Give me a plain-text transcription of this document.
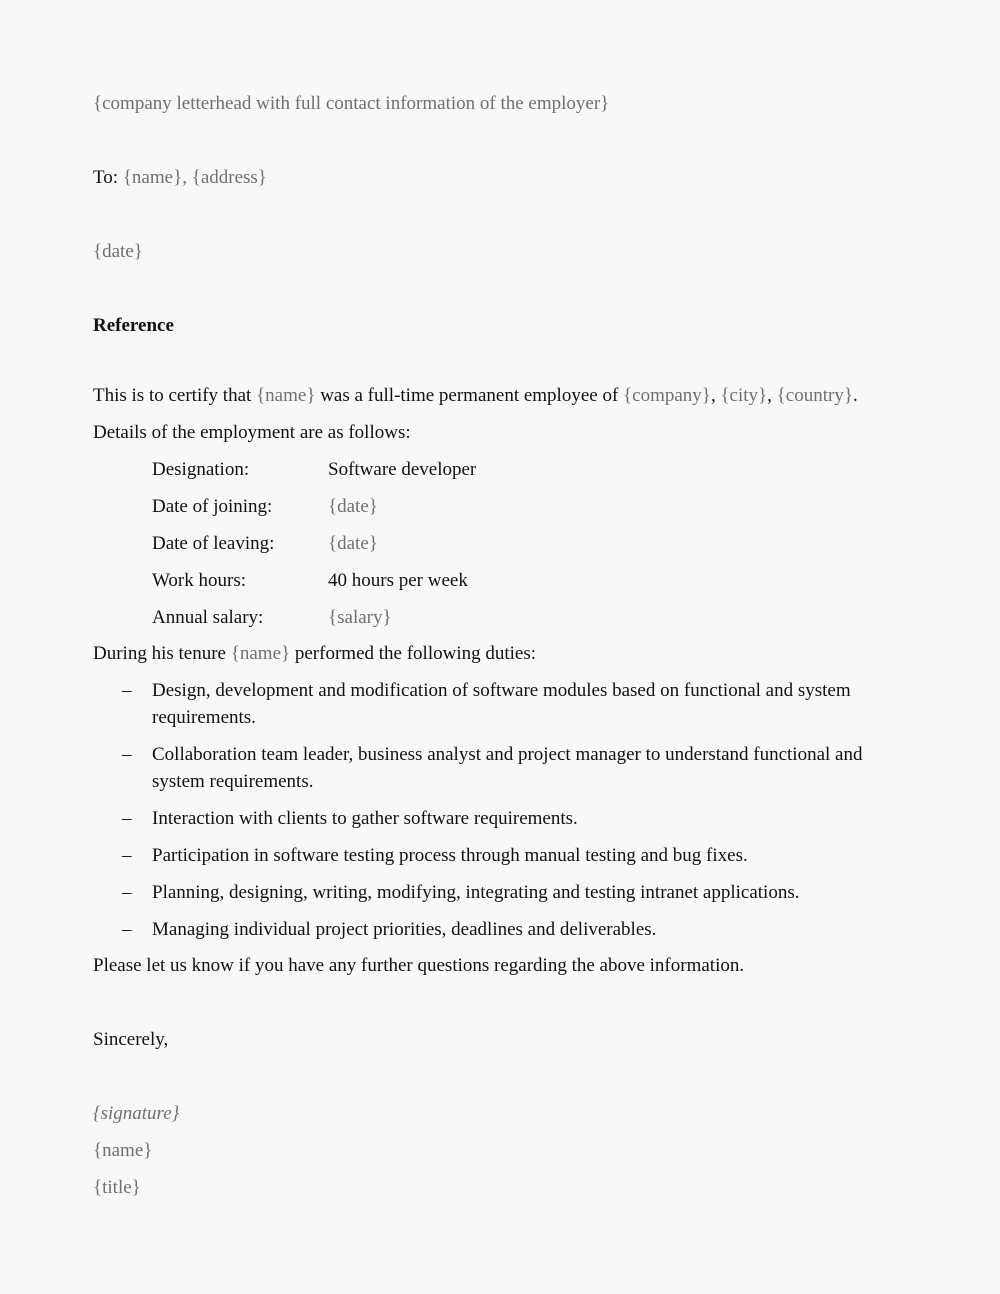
{company letterhead with full contact information of the employer}
To: {name}, {address}
{date}
Reference
This is to certify that {name} was a full-time permanent employee of {company}, {city}, {country}.
Details of the employment are as follows:
Designation:	Software developer
Date of joining:	{date}
Date of leaving:	{date}
Work hours:	40 hours per week
Annual salary:	{salary}
During his tenure {name} performed the following duties:
– Design, development and modification of software modules based on functional and system requirements.
– Collaboration team leader, business analyst and project manager to understand functional and system requirements.
– Interaction with clients to gather software requirements.
– Participation in software testing process through manual testing and bug fixes.
– Planning, designing, writing, modifying, integrating and testing intranet applications.
– Managing individual project priorities, deadlines and deliverables.
Please let us know if you have any further questions regarding the above information.
Sincerely,
{signature}
{name}
{title}
